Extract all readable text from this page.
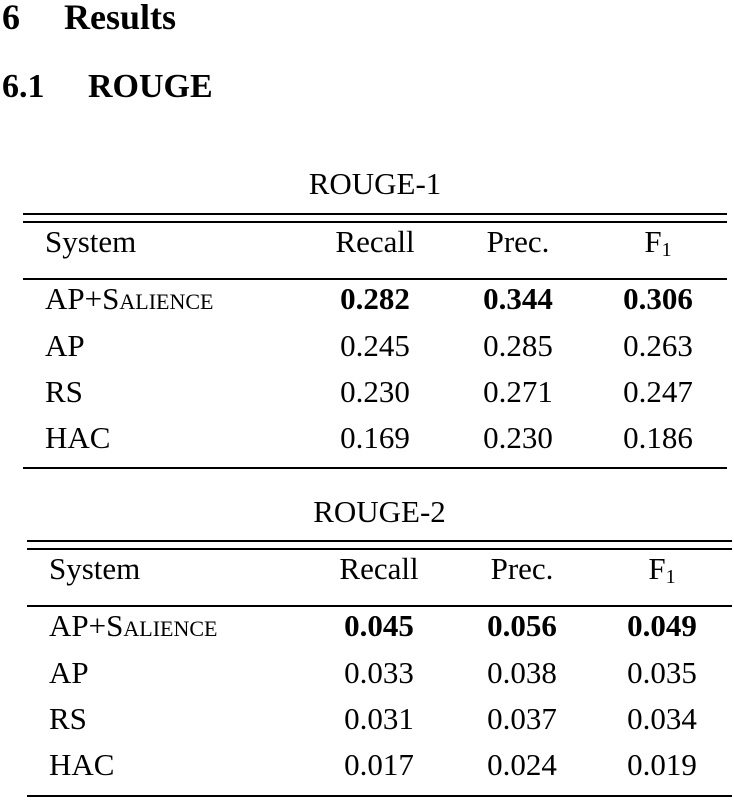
6 Results
6.1 ROUGE
ROUGE-1
System	Recall	Prec.	$F_1$
AP+Salience	0.282	0.344	0.306
AP	0.245	0.285	0.263
RS	0.230	0.271	0.247
HAC	0.169	0.230	0.186
ROUGE-2
System	Recall	Prec.	$F_1$
AP+Salience	0.045	0.056	0.049
AP	0.033	0.038	0.035
RS	0.031	0.037	0.034
HAC	0.017	0.024	0.019
